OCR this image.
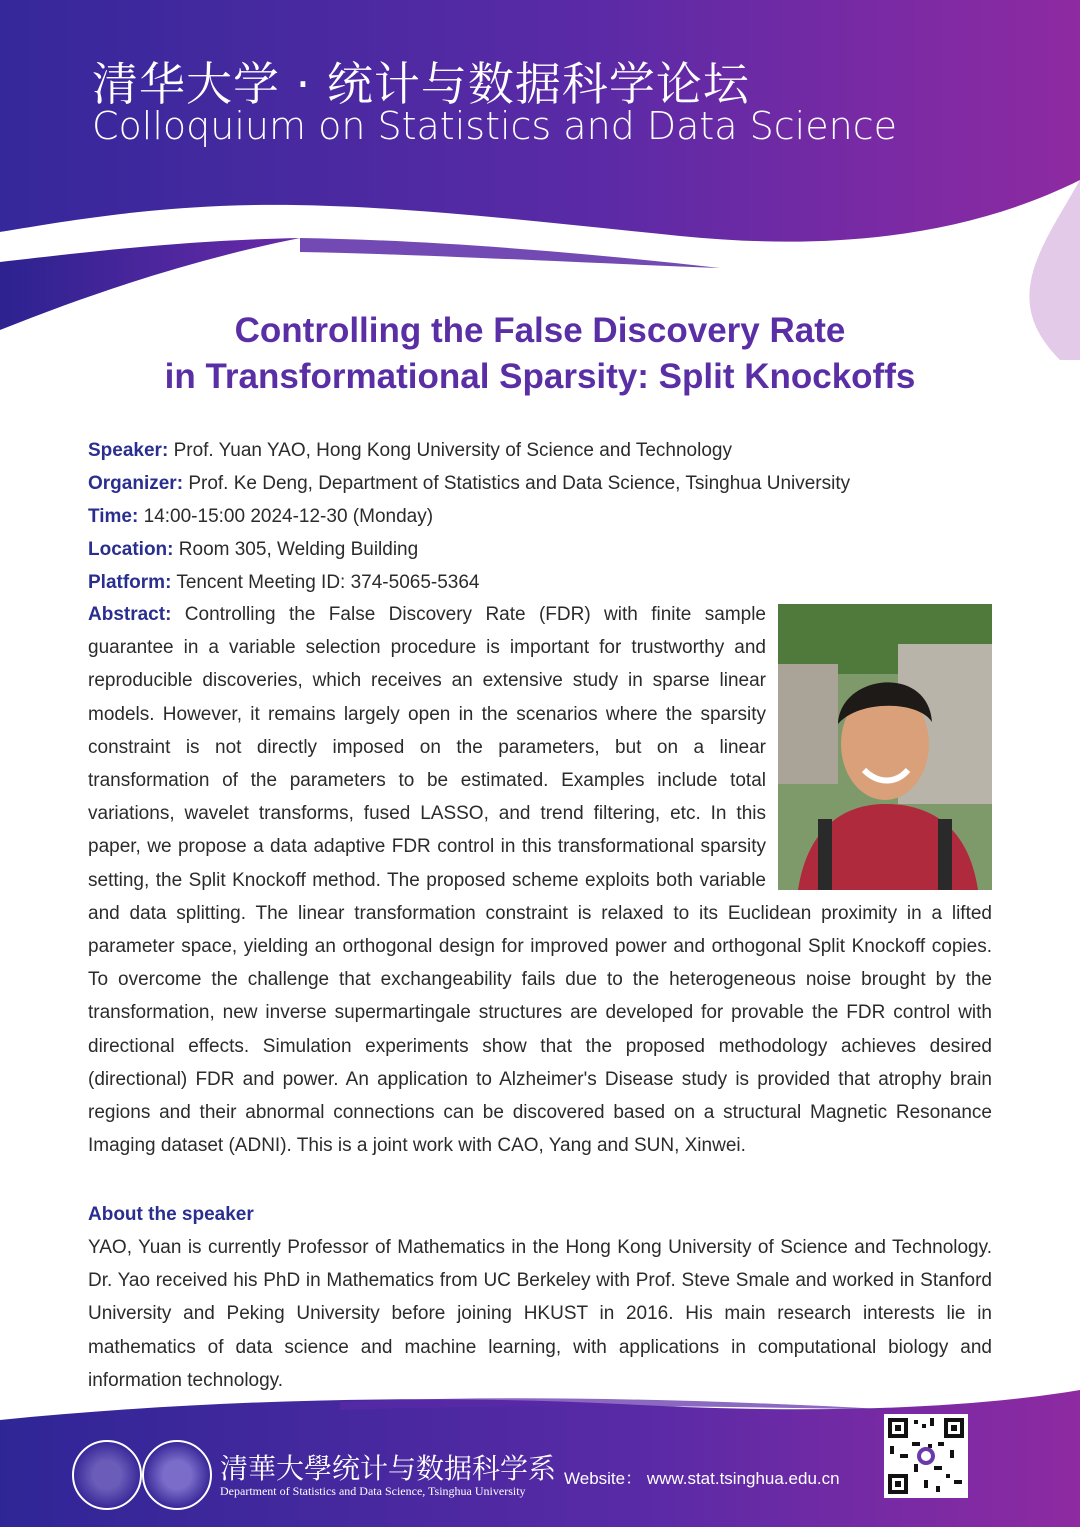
清华大学 · 统计与数据科学论坛
Colloquium on Statistics and Data Science
Controlling the False Discovery Rate
in Transformational Sparsity: Split Knockoffs
Speaker: Prof. Yuan YAO, Hong Kong University of Science and Technology
Organizer: Prof. Ke Deng, Department of Statistics and Data Science, Tsinghua University
Time: 14:00-15:00 2024-12-30 (Monday)
Location: Room 305, Welding Building
Platform: Tencent Meeting ID: 374-5065-5364
Abstract: Controlling the False Discovery Rate (FDR) with finite sample guarantee in a variable selection procedure is important for trustworthy and reproducible discoveries, which receives an extensive study in sparse linear models. However, it remains largely open in the scenarios where the sparsity constraint is not directly imposed on the parameters, but on a linear transformation of the parameters to be estimated. Examples include total variations, wavelet transforms, fused LASSO, and trend filtering, etc. In this paper, we propose a data adaptive FDR control in this transformational sparsity setting, the Split Knockoff method. The proposed scheme exploits both variable and data splitting. The linear transformation constraint is relaxed to its Euclidean proximity in a lifted parameter space, yielding an orthogonal design for improved power and orthogonal Split Knockoff copies. To overcome the challenge that exchangeability fails due to the heterogeneous noise brought by the transformation, new inverse supermartingale structures are developed for provable the FDR control with directional effects. Simulation experiments show that the proposed methodology achieves desired (directional) FDR and power. An application to Alzheimer's Disease study is provided that atrophy brain regions and their abnormal connections can be discovered based on a structural Magnetic Resonance Imaging dataset (ADNI). This is a joint work with CAO, Yang and SUN, Xinwei.
About the speaker
YAO, Yuan is currently Professor of Mathematics in the Hong Kong University of Science and Technology. Dr. Yao received his PhD in Mathematics from UC Berkeley with Prof. Steve Smale and worked in Stanford University and Peking University before joining HKUST in 2016. His main research interests lie in mathematics of data science and machine learning, with applications in computational biology and information technology.
清華大學统计与数据科学系
Department of Statistics and Data Science, Tsinghua University
Website： www.stat.tsinghua.edu.cn
